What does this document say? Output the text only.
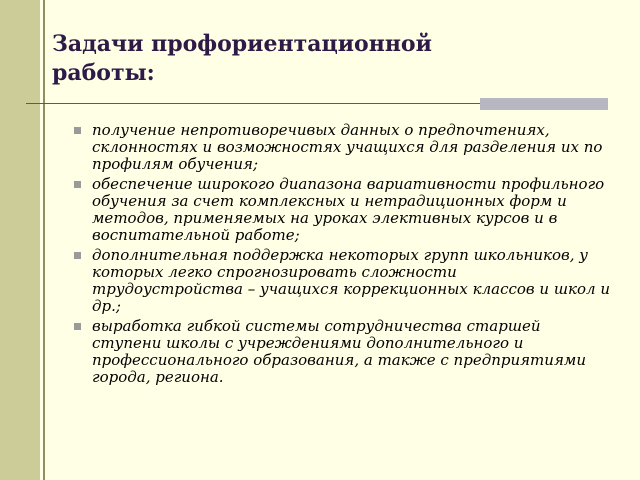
Задачи профориентационной
работы:
получение непротиворечивых данных о предпочтениях, склонностях и возможностях учащихся для разделения их по профилям обучения;
обеспечение широкого диапазона вариативности профильного обучения за счет комплексных и нетрадиционных форм и методов, применяемых на уроках элективных курсов и в воспитательной работе;
дополнительная поддержка некоторых групп школьников, у которых легко спрогнозировать сложности трудоустройства – учащихся коррекционных классов и школ и др.;
выработка гибкой системы сотрудничества старшей ступени школы с учреждениями дополнительного и профессионального образования, а также с предприятиями города, региона.
